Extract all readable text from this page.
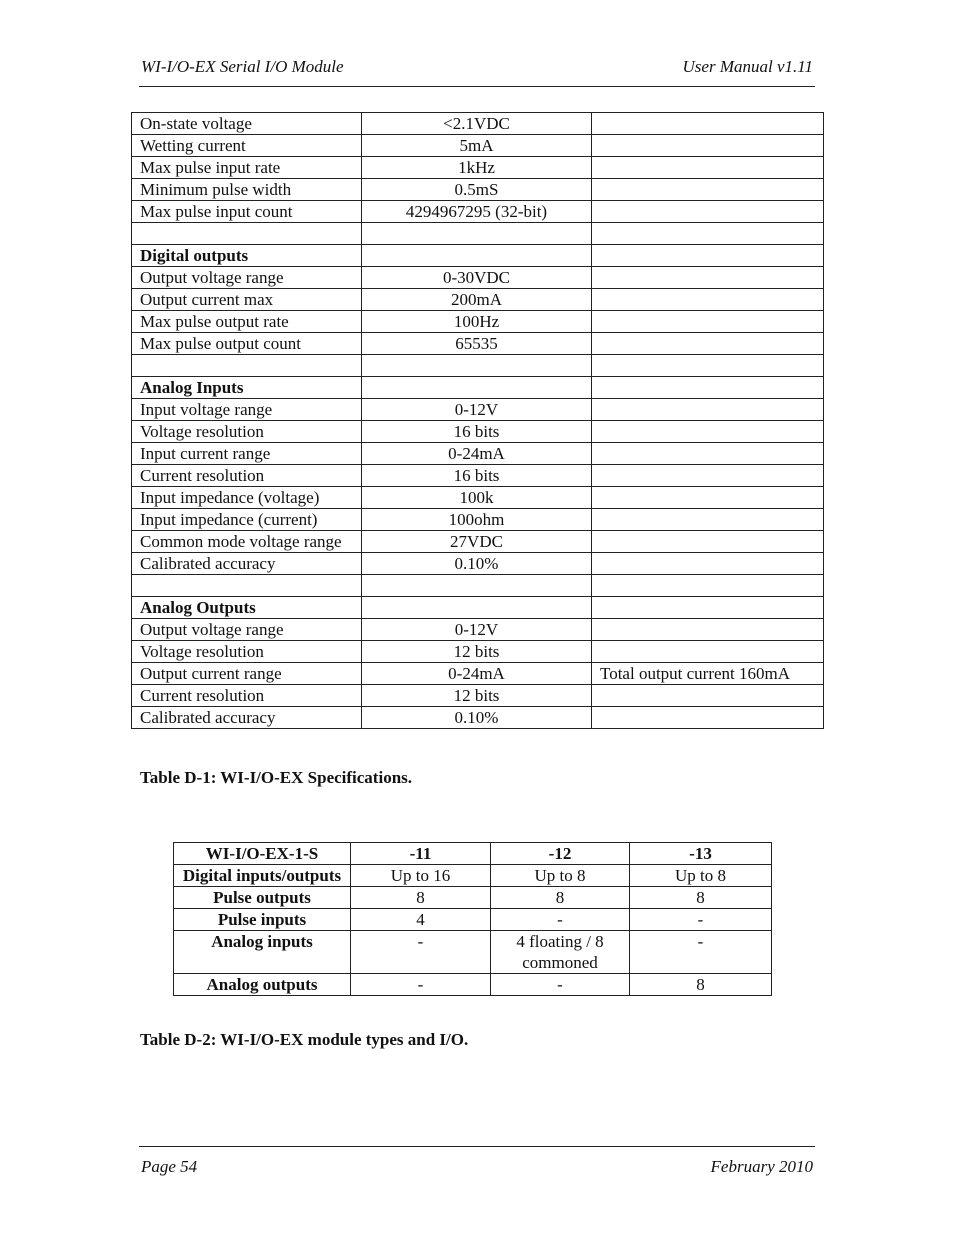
WI-I/O-EX Serial I/O Module	User Manual v1.11
On-state voltage	<2.1VDC	
Wetting current	5mA	
Max pulse input rate	1kHz	
Minimum pulse width	0.5mS	
Max pulse input count	4294967295 (32-bit)	

Digital outputs		
Output voltage range	0-30VDC	
Output current max	200mA	
Max pulse output rate	100Hz	
Max pulse output count	65535	

Analog Inputs		
Input voltage range	0-12V	
Voltage resolution	16 bits	
Input current range	0-24mA	
Current resolution	16 bits	
Input impedance (voltage)	100k	
Input impedance (current)	100ohm	
Common mode voltage range	27VDC	
Calibrated accuracy	0.10%	

Analog Outputs		
Output voltage range	0-12V	
Voltage resolution	12 bits	
Output current range	0-24mA	Total output current 160mA
Current resolution	12 bits	
Calibrated accuracy	0.10%	
Table D-1: WI-I/O-EX Specifications.
WI-I/O-EX-1-S	-11	-12	-13
Digital inputs/outputs	Up to 16	Up to 8	Up to 8
Pulse outputs	8	8	8
Pulse inputs	4	-	-
Analog inputs	-	4 floating / 8 commoned	-
Analog outputs	-	-	8
Table D-2: WI-I/O-EX module types and I/O.
Page 54	February 2010
